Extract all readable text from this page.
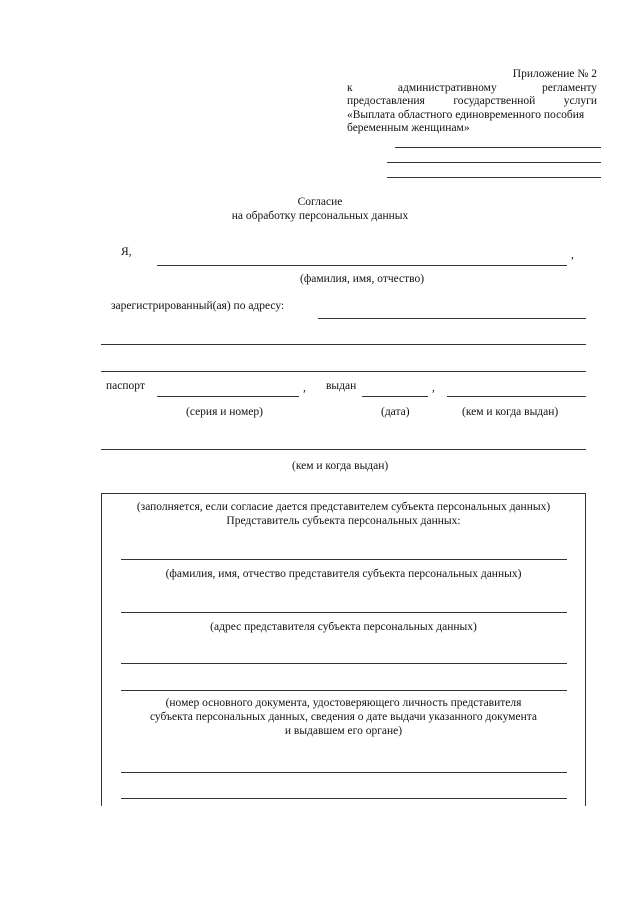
Приложение № 2
к	административному	регламенту
предоставления государственной услуги
«Выплата областного единовременного пособия
беременным женщинам»
Согласие
на обработку персональных данных
Я,	,
(фамилия, имя, отчество)
зарегистрированный(ая) по адресу:
паспорт	, выдан	,
(серия и номер)	(дата)	(кем и когда выдан)
(кем и когда выдан)
(заполняется, если согласие дается представителем субъекта персональных данных)
Представитель субъекта персональных данных:
(фамилия, имя, отчество представителя субъекта персональных данных)
(адрес представителя субъекта персональных данных)
(номер основного документа, удостоверяющего личность представителя
субъекта персональных данных, сведения о дате выдачи указанного документа
и выдавшем его органе)
